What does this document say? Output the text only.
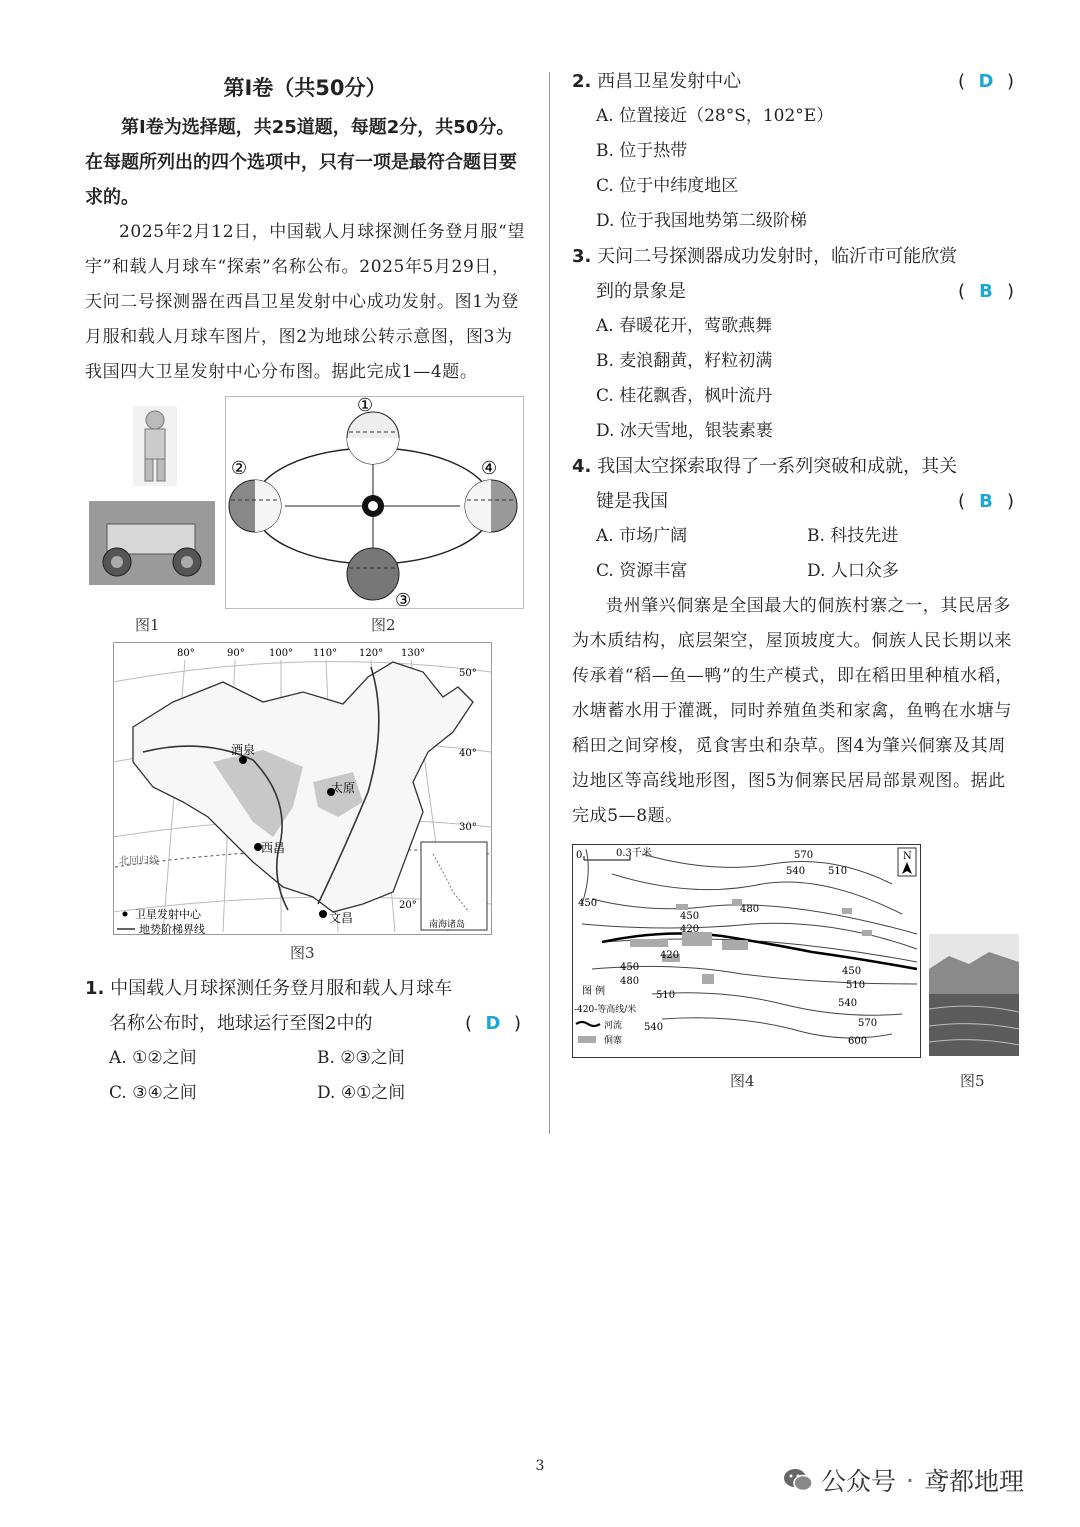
第Ⅰ卷（共50分）

第Ⅰ卷为选择题，共25道题，每题2分，共50分。在每题所列出的四个选项中，只有一项是最符合题目要求的。

2025年2月12日，中国载人月球探测任务登月服“望宇”和载人月球车“探索”名称公布。2025年5月29日，天问二号探测器在西昌卫星发射中心成功发射。图1为登月服和载人月球车图片，图2为地球公转示意图，图3为我国四大卫星发射中心分布图。据此完成1—4题。

图1
①
②
③
④
图2
酒泉
太原
西昌
文昌
80°	90° 100° 110° 120° 130°
50°
40°
30°
20°
北回归线
南海诸岛
卫星发射中心
地势阶梯界线
图3
1. 中国载人月球探测任务登月服和载人月球车
名称公布时，地球运行至图2中的	( D )
A. ①②之间	B. ②③之间
C. ③④之间	D. ④①之间
2. 西昌卫星发射中心	( D )

A. 位置接近（28°S，102°E）

B. 位于热带

C. 位于中纬度地区

D. 位于我国地势第二级阶梯

3. 天问二号探测器成功发射时，临沂市可能欣赏
到的景象是	( B )

A. 春暖花开，莺歌燕舞

B. 麦浪翻黄，籽粒初满

C. 桂花飘香，枫叶流丹

D. 冰天雪地，银装素裹

4. 我国太空探索取得了一系列突破和成就，其关
键是我国	( B )
A. 市场广阔	B. 科技先进
C. 资源丰富	D. 人口众多

贵州肇兴侗寨是全国最大的侗族村寨之一，其民居多为木质结构，底层架空，屋顶坡度大。侗族人民长期以来传承着“稻—鱼—鸭”的生产模式，即在稻田里种植水稻，水塘蓄水用于灌溉，同时养殖鱼类和家禽，鱼鸭在水塘与稻田之间穿梭，觅食害虫和杂草。图4为肇兴侗寨及其周边地区等高线地形图，图5为侗寨民居局部景观图。据此完成5—8题。

0	0.3千米	N
570
540 510
480
450
420
420
450
480
510
540
450
510
540
570
600
450
图 例
-420-等高线/米
河流
侗寨
图4	图5
3
公众号 · 鸢都地理
